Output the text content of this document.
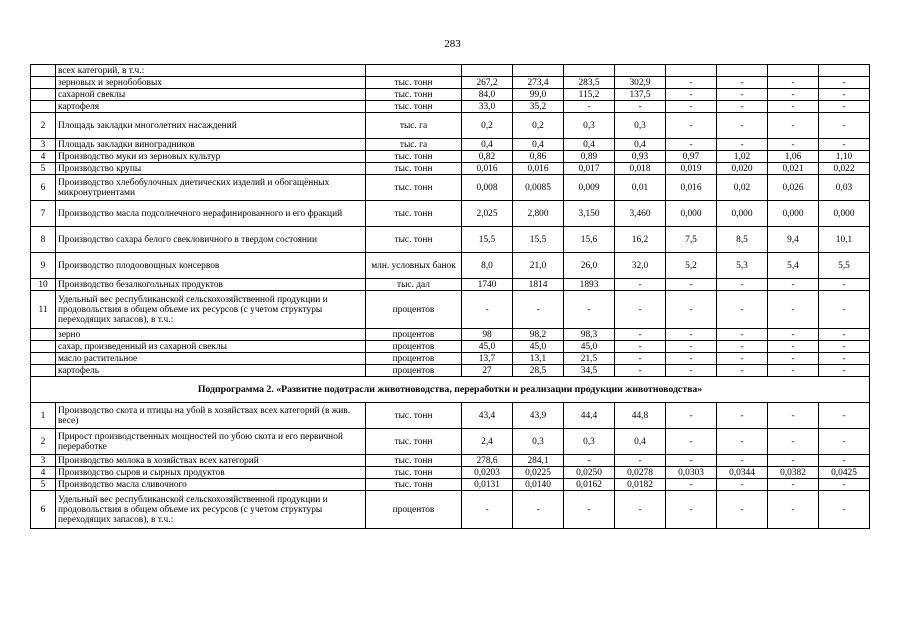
283
	всех категорий, в т.ч.:									
	зерновых и зернобобовых	тыс. тонн	267,2	273,4	283,5	302,9	-	-	-	-
	сахарной свеклы	тыс. тонн	84,0	99,0	115,2	137,5	-	-	-	-
	картофеля	тыс. тонн	33,0	35,2	-	-	-	-	-	-
2	Площадь закладки многолетних насаждений	тыс. га	0,2	0,2	0,3	0,3	-	-	-	-
3	Площадь закладки виноградников	тыс. га	0,4	0,4	0,4	0,4	-	-	-	-
4	Производство муки из зерновых культур	тыс. тонн	0,82	0,86	0,89	0,93	0,97	1,02	1,06	1,10
5	Производство крупы	тыс. тонн	0,016	0,016	0,017	0,018	0,019	0,020	0,021	0,022
6	Производство хлебобулочных диетических изделий и обогащённых микронутриентами	тыс. тонн	0,008	0,0085	0,009	0,01	0,016	0,02	0,026	0,03
7	Производство масла подсолнечного нерафинированного и его фракций	тыс. тонн	2,025	2,800	3,150	3,460	0,000	0,000	0,000	0,000
8	Производство сахара белого свекловичного в твердом состоянии	тыс. тонн	15,5	15,5	15,6	16,2	7,5	8,5	9,4	10,1
9	Производство плодоовощных консервов	млн. условных банок	8,0	21,0	26,0	32,0	5,2	5,3	5,4	5,5
10	Производство безалкогольных продуктов	тыс. дал	1740	1814	1893	-	-	-	-	-
11	Удельный вес республиканской сельскохозяйственной продукции и продовольствия в общем объеме их ресурсов (с учетом структуры переходящих запасов), в т.ч.:	процентов	-	-	-	-	-	-	-	-
	зерно	процентов	98	98,2	98,3	-	-	-	-	-
	сахар, произведенный из сахарной свеклы	процентов	45,0	45,0	45,0	-	-	-	-	-
	масло растительное	процентов	13,7	13,1	21,5	-	-	-	-	-
	картофель	процентов	27	28,5	34,5	-	-	-	-	-
Подпрограмма 2. «Развитие подотрасли животноводства, переработки и реализации продукции животноводства»										
1	Производство скота и птицы на убой в хозяйствах всех категорий (в жив. весе)	тыс. тонн	43,4	43,9	44,4	44,8	-	-	-	-
2	Прирост производственных мощностей по убою скота и его первичной переработке	тыс. тонн	2,4	0,3	0,3	0,4	-	-	-	-
3	Производство молока в хозяйствах всех категорий	тыс. тонн	278,6	284,1	-	-	-	-	-	-
4	Производство сыров и сырных продуктов	тыс. тонн	0,0203	0,0225	0,0250	0,0278	0,0303	0,0344	0,0382	0,0425
5	Производство масла сливочного	тыс. тонн	0,0131	0,0140	0,0162	0,0182	-	-	-	-
6	Удельный вес республиканской сельскохозяйственной продукции и продовольствия в общем объеме их ресурсов (с учетом структуры переходящих запасов), в т.ч.:	процентов	-	-	-	-	-	-	-	-
